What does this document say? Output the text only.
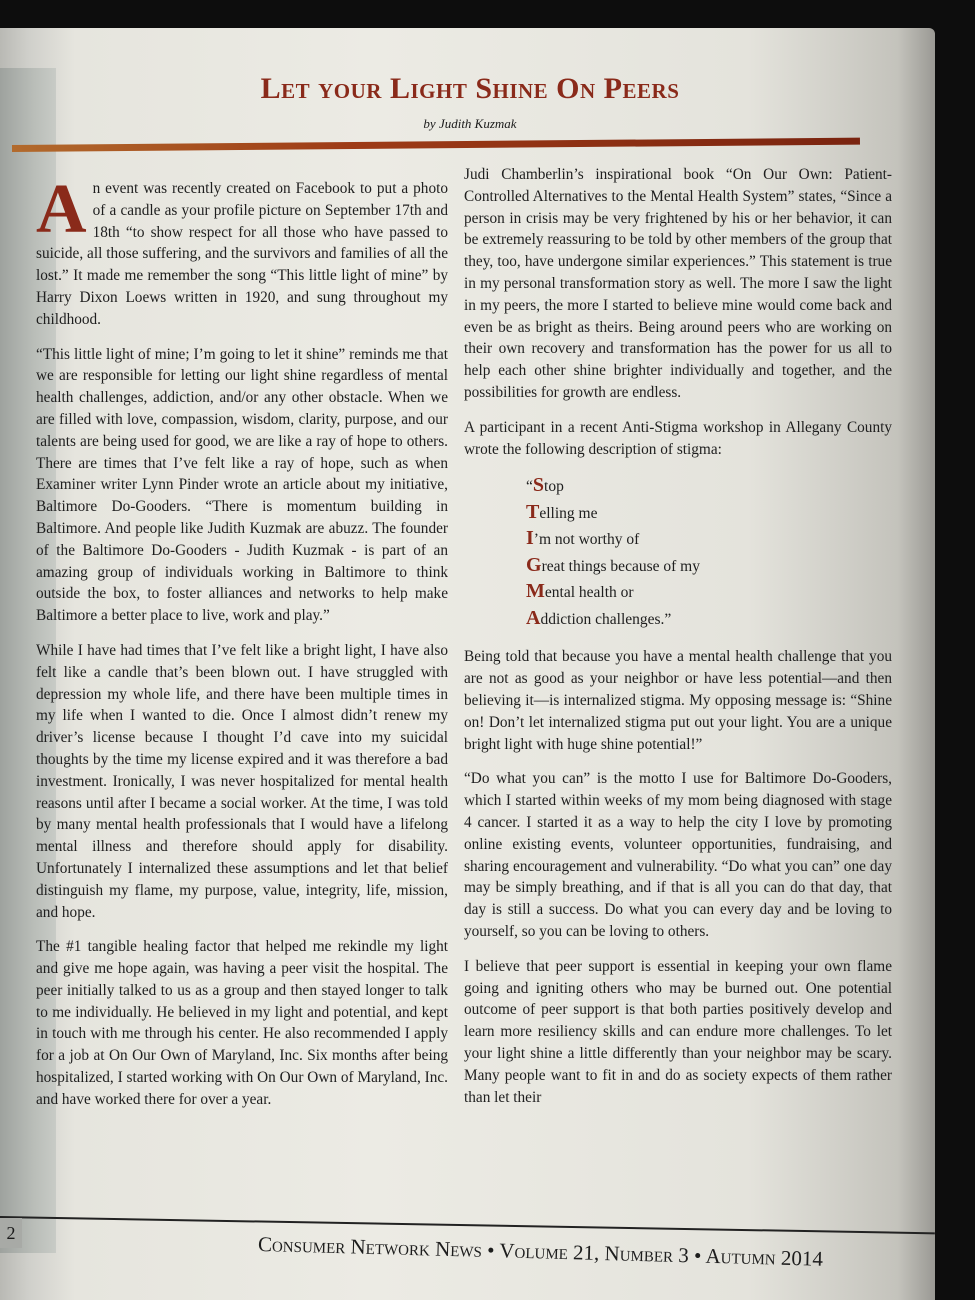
Let your Light Shine On Peers
by Judith Kuzmak

A n event was recently created on Facebook to put a photo of a candle as your profile picture on September 17th and 18th “to show respect for all those who have passed to suicide, all those suffering, and the survivors and families of all the lost.” It made me remember the song “This little light of mine” by Harry Dixon Loews written in 1920, and sung throughout my childhood.

“This little light of mine; I’m going to let it shine” reminds me that we are responsible for letting our light shine regardless of mental health challenges, addiction, and/or any other obstacle. When we are filled with love, compassion, wisdom, clarity, purpose, and our talents are being used for good, we are like a ray of hope to others. There are times that I’ve felt like a ray of hope, such as when Examiner writer Lynn Pinder wrote an article about my initiative, Baltimore Do-Gooders. “There is momentum building in Baltimore. And people like Judith Kuzmak are abuzz. The founder of the Baltimore Do-Gooders - Judith Kuzmak - is part of an amazing group of individuals working in Baltimore to think outside the box, to foster alliances and networks to help make Baltimore a better place to live, work and play.”

While I have had times that I’ve felt like a bright light, I have also felt like a candle that’s been blown out. I have struggled with depression my whole life, and there have been multiple times in my life when I wanted to die. Once I almost didn’t renew my driver’s license because I thought I’d cave into my suicidal thoughts by the time my license expired and it was therefore a bad investment. Ironically, I was never hospitalized for mental health reasons until after I became a social worker. At the time, I was told by many mental health professionals that I would have a lifelong mental illness and therefore should apply for disability. Unfortunately I internalized these assumptions and let that belief distinguish my flame, my purpose, value, integrity, life, mission, and hope.

The #1 tangible healing factor that helped me rekindle my light and give me hope again, was having a peer visit the hospital. The peer initially talked to us as a group and then stayed longer to talk to me individually. He believed in my light and potential, and kept in touch with me through his center. He also recommended I apply for a job at On Our Own of Maryland, Inc. Six months after being hospitalized, I started working with On Our Own of Maryland, Inc. and have worked there for over a year.

Judi Chamberlin’s inspirational book “On Our Own: Patient-Controlled Alternatives to the Mental Health System” states, “Since a person in crisis may be very frightened by his or her behavior, it can be extremely reassuring to be told by other members of the group that they, too, have undergone similar experiences.” This statement is true in my personal transformation story as well. The more I saw the light in my peers, the more I started to believe mine would come back and even be as bright as theirs. Being around peers who are working on their own recovery and transformation has the power for us all to help each other shine brighter individually and together, and the possibilities for growth are endless.

A participant in a recent Anti-Stigma workshop in Allegany County wrote the following description of stigma:

“Stop
Telling me
I’m not worthy of
Great things because of my
Mental health or
Addiction challenges.”

Being told that because you have a mental health challenge that you are not as good as your neighbor or have less potential—and then believing it—is internalized stigma. My opposing message is: “Shine on! Don’t let internalized stigma put out your light. You are a unique bright light with huge shine potential!”

“Do what you can” is the motto I use for Baltimore Do-Gooders, which I started within weeks of my mom being diagnosed with stage 4 cancer. I started it as a way to help the city I love by promoting online existing events, volunteer opportunities, fundraising, and sharing encouragement and vulnerability. “Do what you can” one day may be simply breathing, and if that is all you can do that day, that day is still a success. Do what you can every day and be loving to yourself, so you can be loving to others.

I believe that peer support is essential in keeping your own flame going and igniting others who may be burned out. One potential outcome of peer support is that both parties positively develop and learn more resiliency skills and can endure more challenges. To let your light shine a little differently than your neighbor may be scary. Many people want to fit in and do as society expects of them rather than let their

2	Consumer Network News • Volume 21, Number 3 • Autumn 2014
